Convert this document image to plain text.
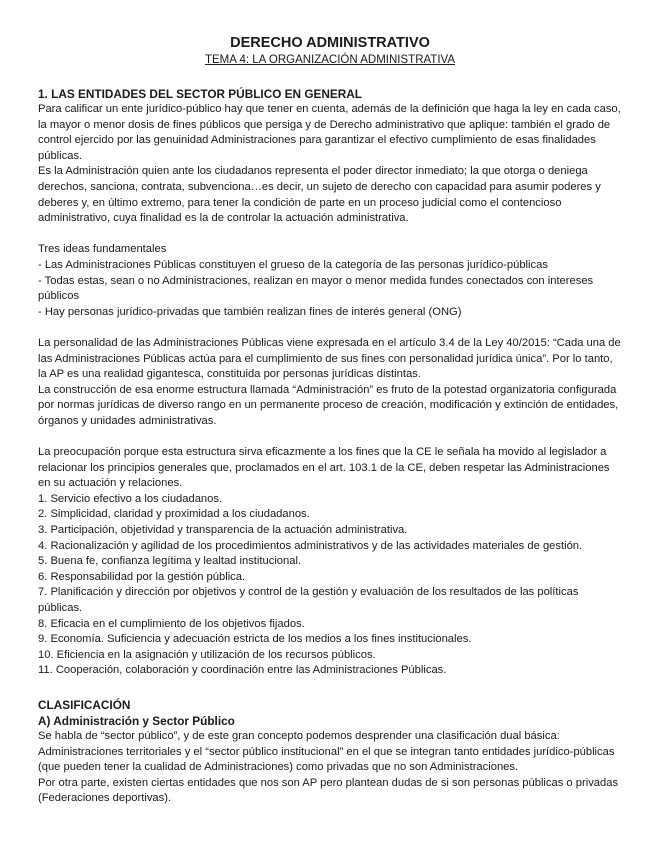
DERECHO ADMINISTRATIVO
TEMA 4: LA ORGANIZACIÓN ADMINISTRATIVA
1. LAS ENTIDADES DEL SECTOR PÚBLICO EN GENERAL

Para calificar un ente jurídico-público hay que tener en cuenta, además de la definición que haga la ley en cada caso, la mayor o menor dosis de fines públicos que persiga y de Derecho administrativo que aplique: también el grado de control ejercido por las genuinidad Administraciones para garantizar el efectivo cumplimiento de esas finalidades públicas.

Es la Administración quien ante los ciudadanos representa el poder director inmediato; la que otorga o deniega derechos, sanciona, contrata, subvenciona…es decir, un sujeto de derecho con capacidad para asumir poderes y deberes y, en último extremo, para tener la condición de parte en un proceso judicial como el contencioso administrativo, cuya finalidad es la de controlar la actuación administrativa.

Tres ideas fundamentales

- Las Administraciones Públicas constituyen el grueso de la categoría de las personas jurídico-públicas

- Todas estas, sean o no Administraciones, realizan en mayor o menor medida fundes conectados con intereses públicos

- Hay personas jurídico-privadas que también realizan fines de interés general (ONG)

La personalidad de las Administraciones Públicas viene expresada en el artículo 3.4 de la Ley 40/2015: “Cada una de las Administraciones Públicas actúa para el cumplimiento de sus fines con personalidad jurídica única”. Por lo tanto, la AP es una realidad gigantesca, constituida por personas jurídicas distintas.

La construcción de esa enorme estructura llamada “Administración” es fruto de la potestad organizatoria configurada por normas jurídicas de diverso rango en un permanente proceso de creación, modificación y extinción de entidades, órganos y unidades administrativas.

La preocupación porque esta estructura sirva eficazmente a los fines que la CE le señala ha movido al legislador a relacionar los principios generales que, proclamados en el art. 103.1 de la CE, deben respetar las Administraciones en su actuación y relaciones.

1. Servicio efectivo a los ciudadanos.

2. Simplicidad, claridad y proximidad a los ciudadanos.

3. Participación, objetividad y transparencia de la actuación administrativa.

4. Racionalización y agilidad de los procedimientos administrativos y de las actividades materiales de gestión.

5. Buena fe, confianza legítima y lealtad institucional.

6. Responsabilidad por la gestión pública.

7. Planificación y dirección por objetivos y control de la gestión y evaluación de los resultados de las políticas públicas.

8. Eficacia en el cumplimiento de los objetivos fijados.

9. Economía. Suficiencia y adecuación estricta de los medios a los fines institucionales.

10. Eficiencia en la asignación y utilización de los recursos públicos.

11. Cooperación, colaboración y coordinación entre las Administraciones Públicas.

CLASIFICACIÓN
A) Administración y Sector Público

Se habla de “sector público”, y de este gran concepto podemos desprender una clasificación dual básica: Administraciones territoriales y el “sector público institucional” en el que se integran tanto entidades jurídico-públicas (que pueden tener la cualidad de Administraciones) como privadas que no son Administraciones.

Por otra parte, existen ciertas entidades que nos son AP pero plantean dudas de si son personas públicas o privadas (Federaciones deportivas).
